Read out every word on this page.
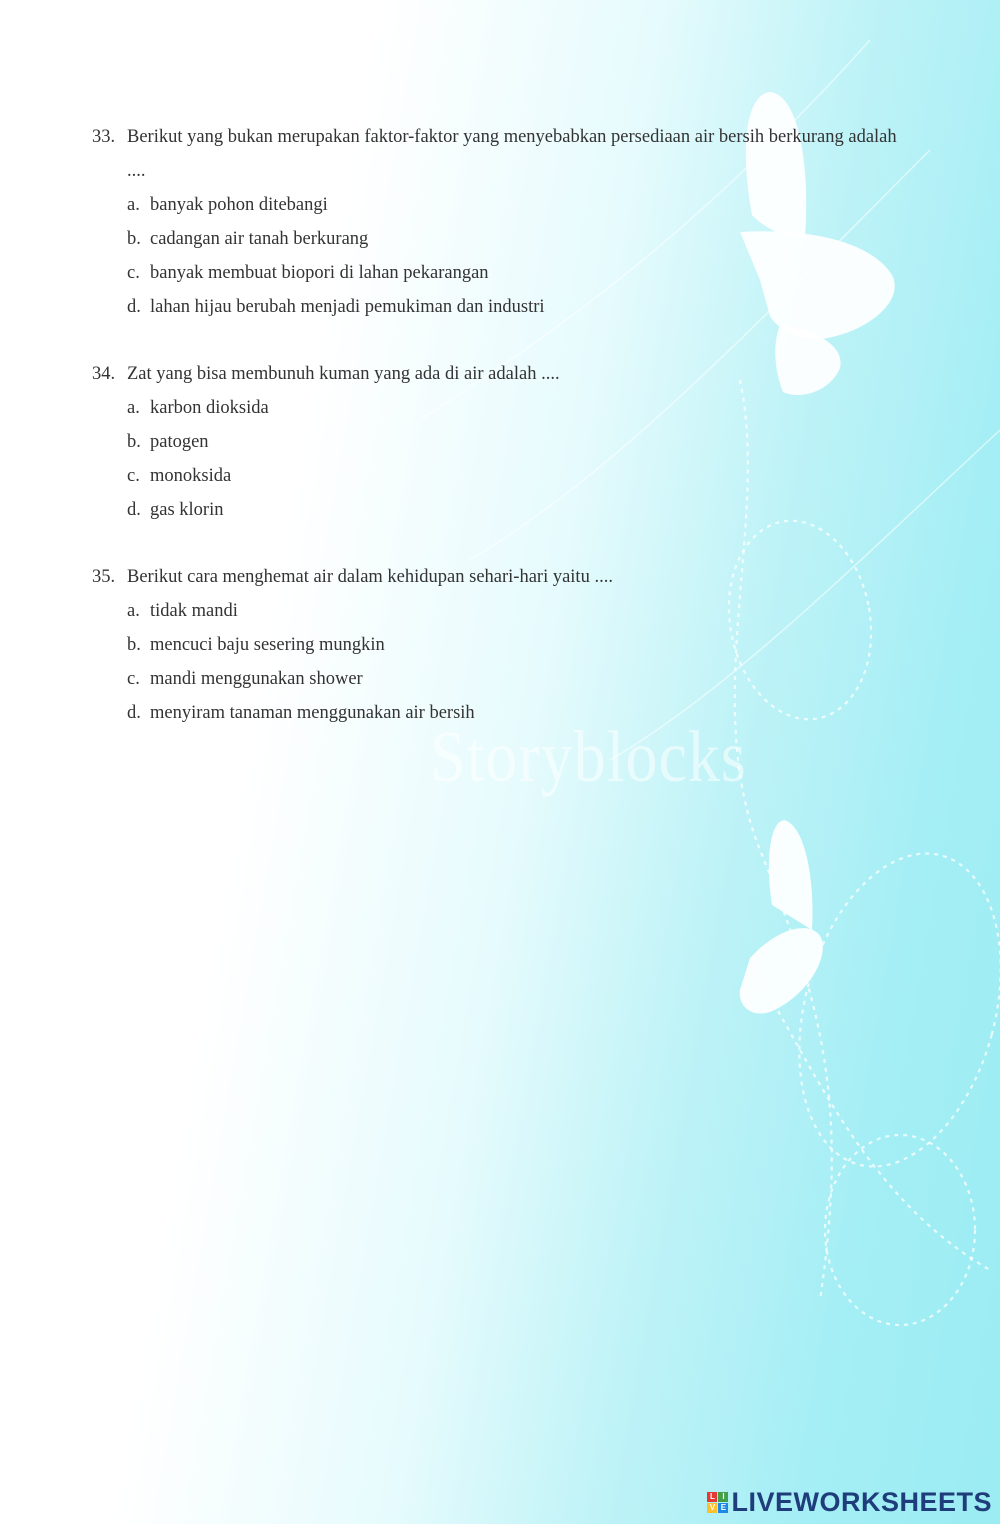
Storyblocks
33. Berikut yang bukan merupakan faktor-faktor yang menyebabkan persediaan air bersih berkurang adalah ....
a. banyak pohon ditebangi
b. cadangan air tanah berkurang
c. banyak membuat biopori di lahan pekarangan
d. lahan hijau berubah menjadi pemukiman dan industri
34. Zat yang bisa membunuh kuman yang ada di air adalah ....
a. karbon dioksida
b. patogen
c. monoksida
d. gas klorin
35. Berikut cara menghemat air dalam kehidupan sehari-hari yaitu ....
a. tidak mandi
b. mencuci baju sesering mungkin
c. mandi menggunakan shower
d. menyiram tanaman menggunakan air bersih
L I
V E LIVEWORKSHEETS
